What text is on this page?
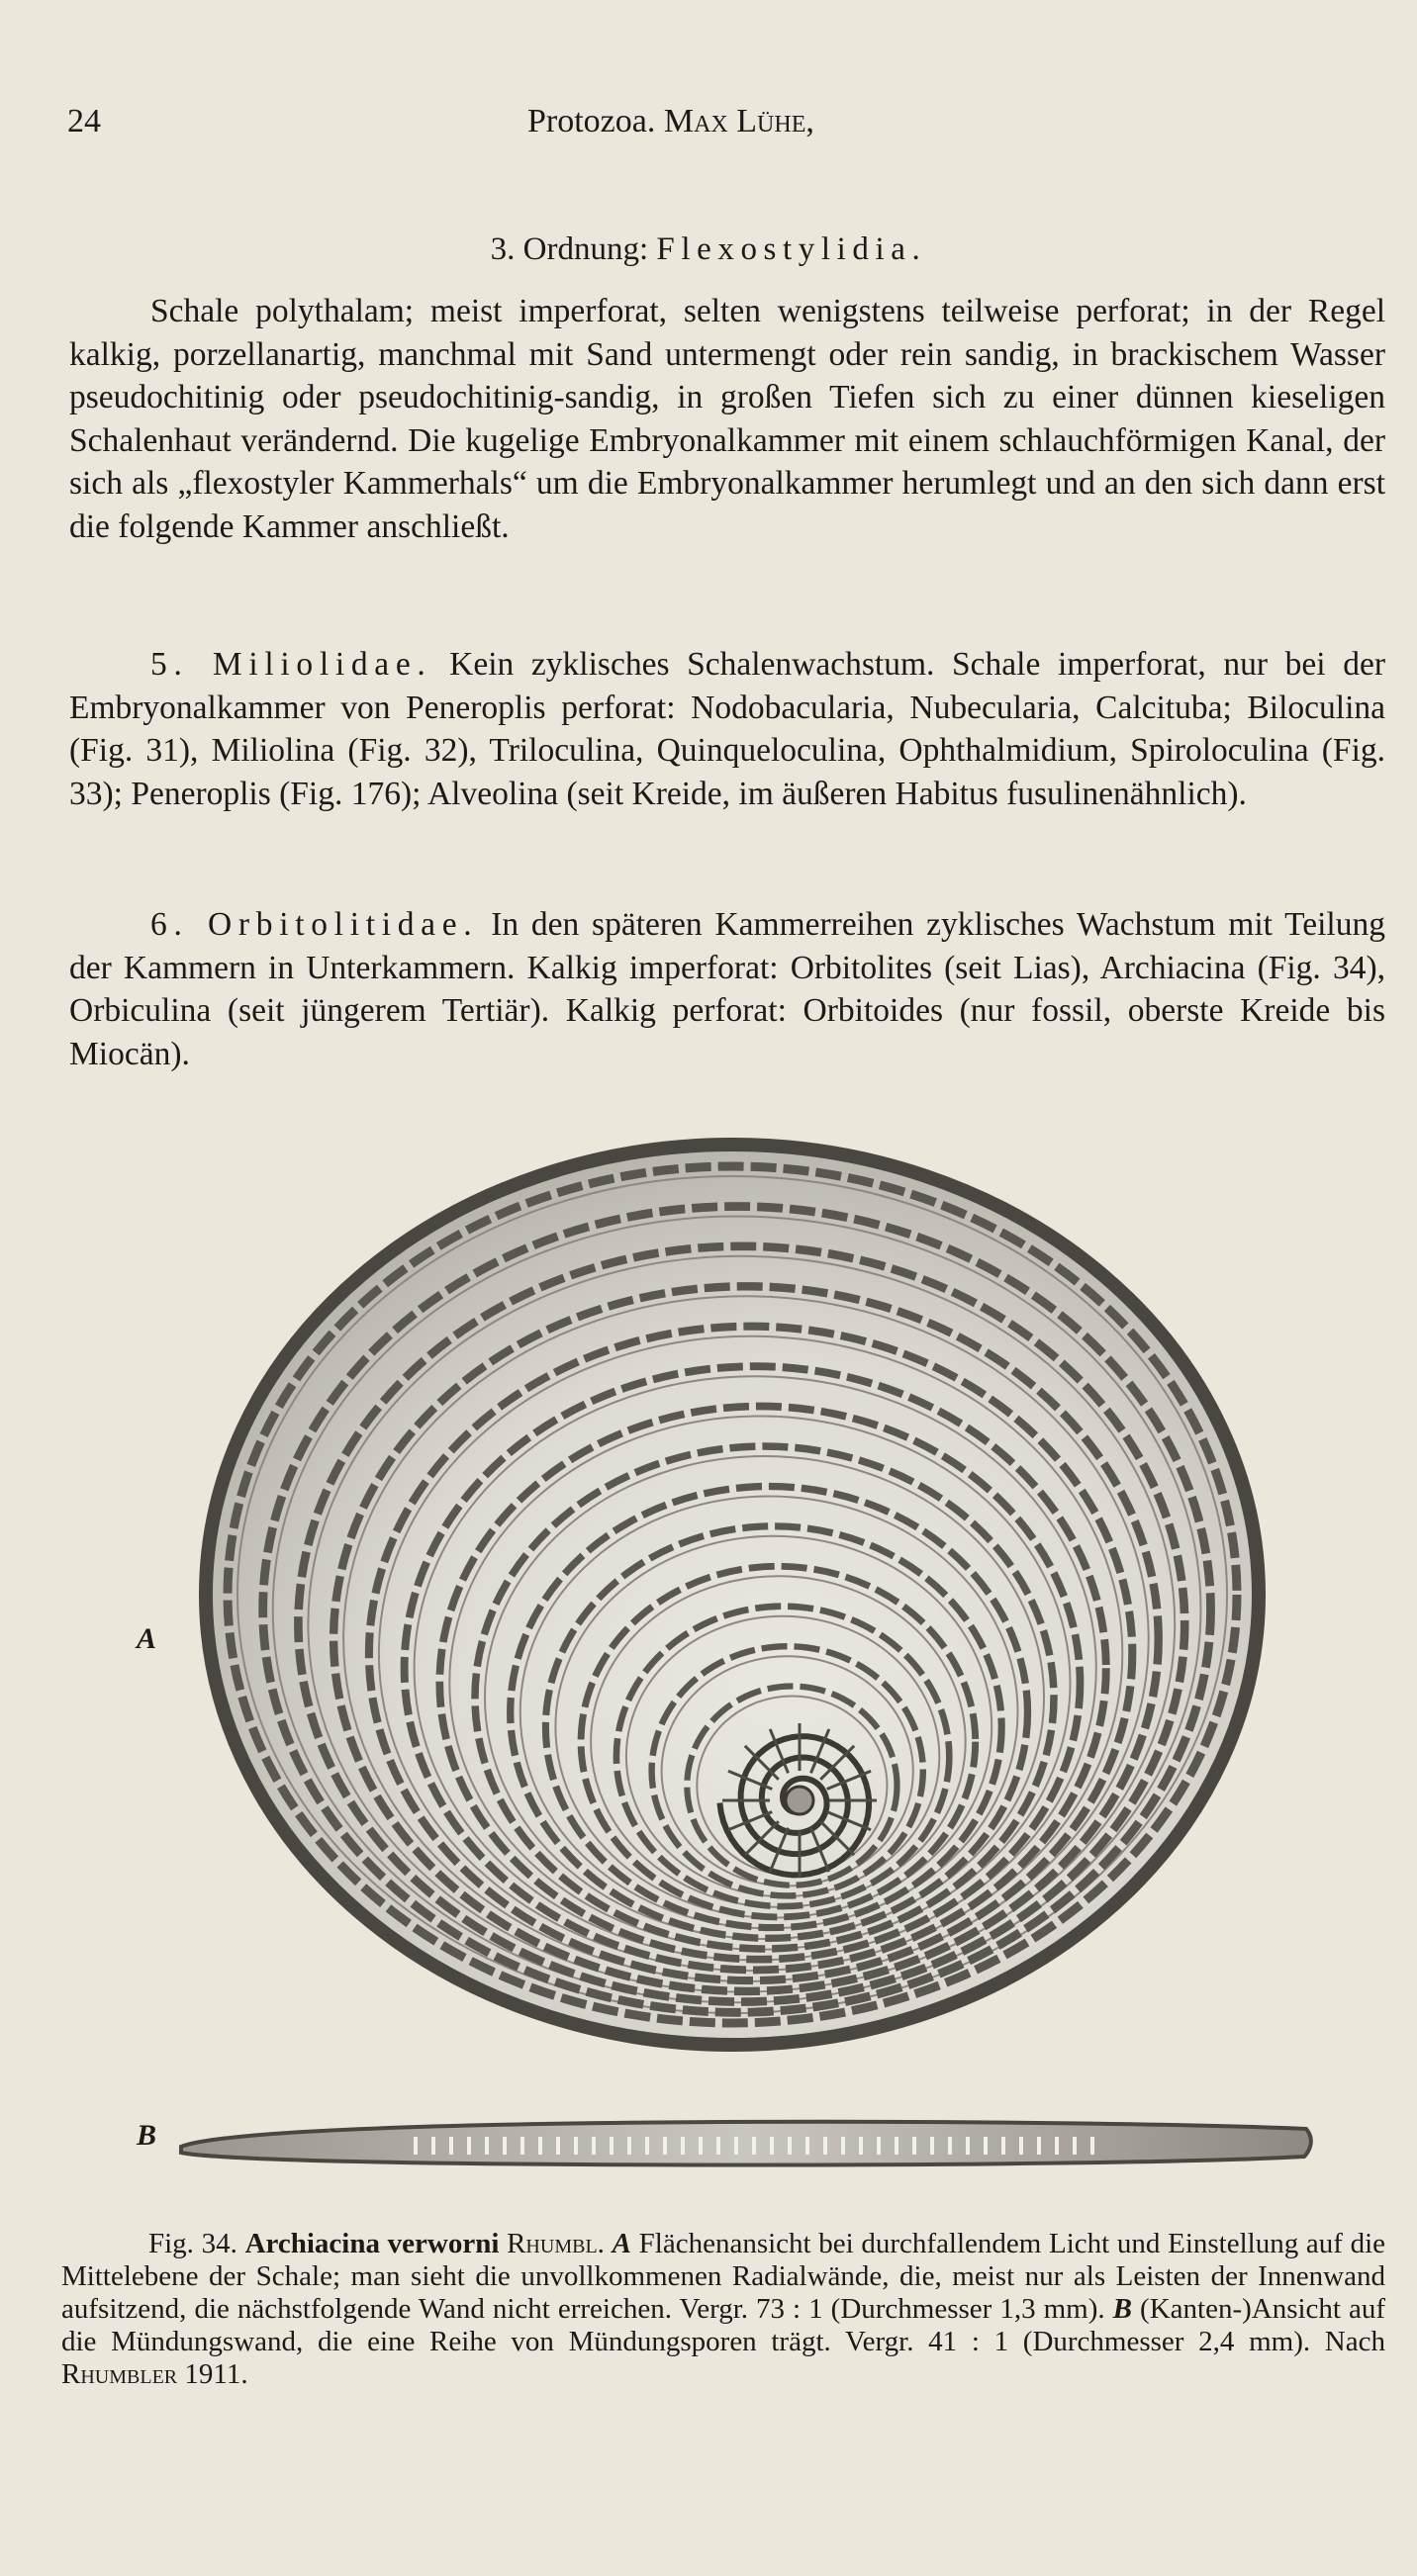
24	Protozoa. Max Lühe,
3. Ordnung: Flexostylidia.

Schale polythalam; meist imperforat, selten wenigstens teilweise perforat; in der Regel kalkig, porzellanartig, manchmal mit Sand untermengt oder rein sandig, in brackischem Wasser pseudochitinig oder pseudochitinig-sandig, in großen Tiefen sich zu einer dünnen kieseligen Schalenhaut verändernd. Die kugelige Embryonalkammer mit einem schlauchförmigen Kanal, der sich als „flexostyler Kammerhals“ um die Embryonalkammer herumlegt und an den sich dann erst die folgende Kammer anschließt.

5. Miliolidae. Kein zyklisches Schalenwachstum. Schale imperforat, nur bei der Embryonalkammer von Peneroplis perforat: Nodobacularia, Nubecularia, Calcituba; Biloculina (Fig. 31), Miliolina (Fig. 32), Triloculina, Quinqueloculina, Ophthalmidium, Spiroloculina (Fig. 33); Peneroplis (Fig. 176); Alveolina (seit Kreide, im äußeren Habitus fusulinenähnlich).

6. Orbitolitidae. In den späteren Kammerreihen zyklisches Wachstum mit Teilung der Kammern in Unterkammern. Kalkig imperforat: Orbitolites (seit Lias), Archiacina (Fig. 34), Orbiculina (seit jüngerem Tertiär). Kalkig perforat: Orbitoides (nur fossil, oberste Kreide bis Miocän).

A
B

Fig. 34. Archiacina verworni Rhumbl. A Flächenansicht bei durchfallendem Licht und Einstellung auf die Mittelebene der Schale; man sieht die unvollkommenen Radialwände, die, meist nur als Leisten der Innenwand aufsitzend, die nächstfolgende Wand nicht erreichen. Vergr. 73 : 1 (Durchmesser 1,3 mm). B (Kanten-)Ansicht auf die Mündungswand, die eine Reihe von Mündungsporen trägt. Vergr. 41 : 1 (Durchmesser 2,4 mm). Nach Rhumbler 1911.
